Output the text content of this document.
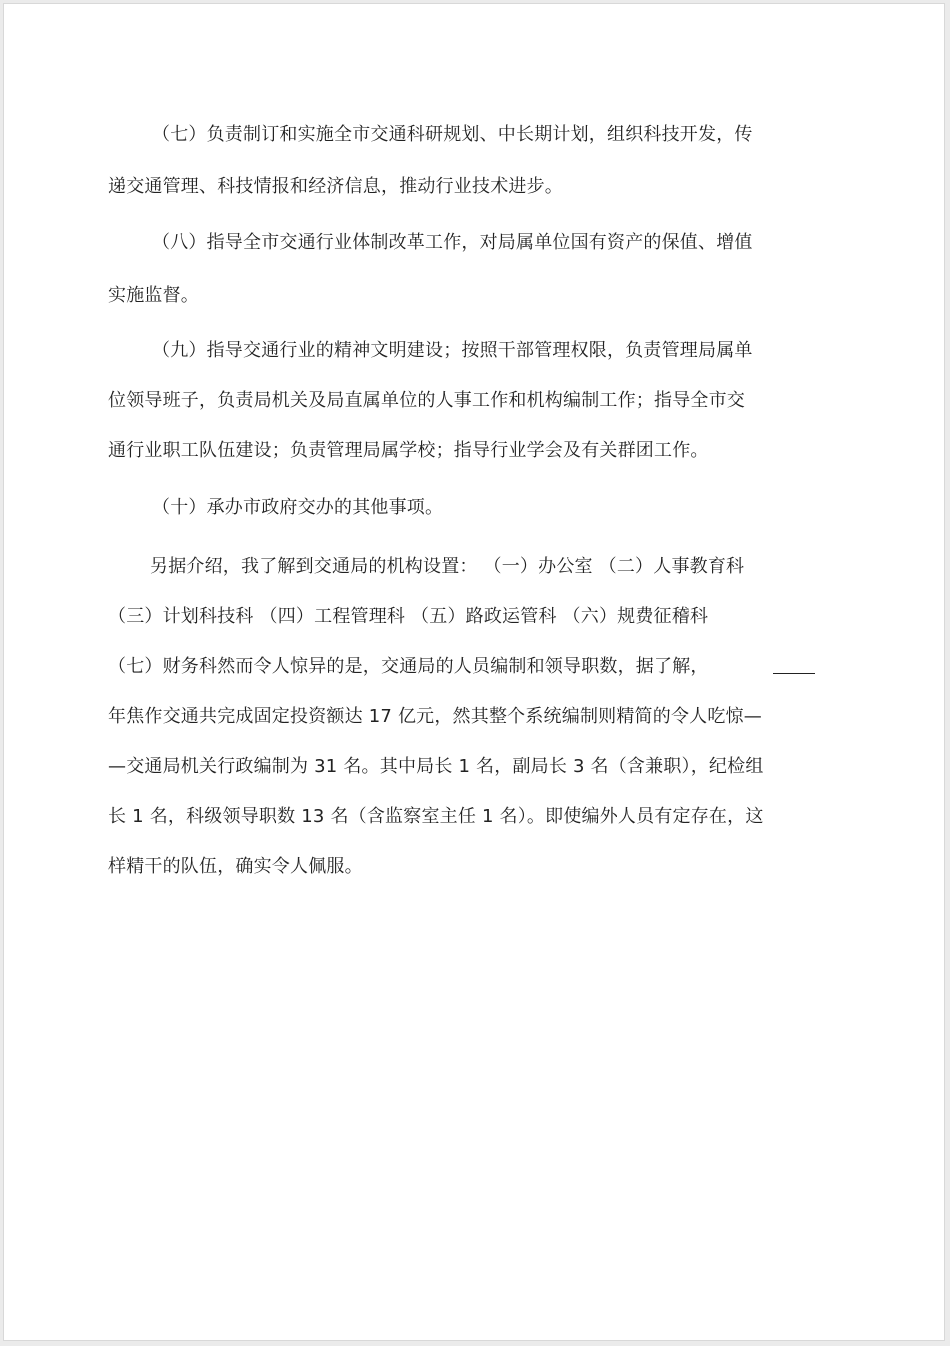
（七）负责制订和实施全市交通科研规划、中长期计划，组织科技开发，传
递交通管理、科技情报和经济信息，推动行业技术进步。
（八）指导全市交通行业体制改革工作，对局属单位国有资产的保值、增值
实施监督。
（九）指导交通行业的精神文明建设；按照干部管理权限，负责管理局属单
位领导班子，负责局机关及局直属单位的人事工作和机构编制工作；指导全市交
通行业职工队伍建设；负责管理局属学校；指导行业学会及有关群团工作。
（十）承办市政府交办的其他事项。
另据介绍，我了解到交通局的机构设置： （一）办公室 （二）人事教育科
（三）计划科技科 （四）工程管理科 （五）路政运管科 （六）规费征稽科
（七）财务科然而令人惊异的是，交通局的人员编制和领导职数，据了解，
年焦作交通共完成固定投资额达 17 亿元，然其整个系统编制则精简的令人吃惊—
—交通局机关行政编制为 31 名。其中局长 1 名，副局长 3 名（含兼职），纪检组
长 1 名，科级领导职数 13 名（含监察室主任 1 名）。即使编外人员有定存在，这
样精干的队伍，确实令人佩服。
